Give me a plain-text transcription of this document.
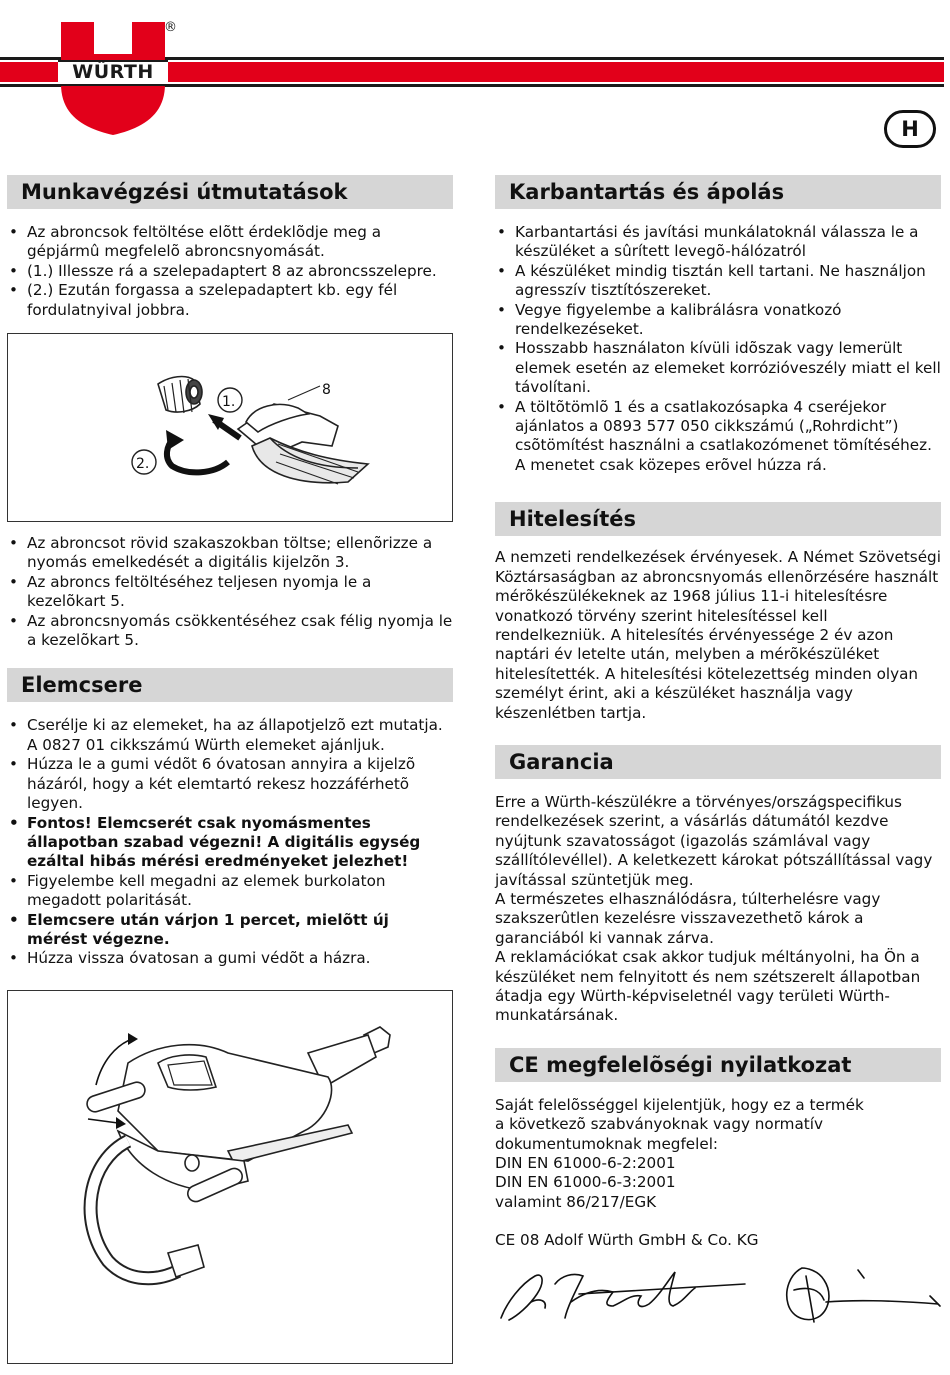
WÜRTH
®
H
Munkavégzési útmutatások
• Az abroncsok feltöltése elõtt érdeklõdje meg a gépjármû megfelelõ abroncsnyomását.
• (1.) Illessze rá a szelepadaptert 8 az abroncsszelepre.
• (2.) Ezután forgassa a szelepadaptert kb. egy fél fordulatnyival jobbra.
8
1.
2.
• Az abroncsot rövid szakaszokban töltse; ellenõrizze a nyomás emelkedését a digitális kijelzõn 3.
• Az abroncs feltöltéséhez teljesen nyomja le a kezelõkart 5.
• Az abroncsnyomás csökkentéséhez csak félig nyomja le a kezelõkart 5.
Elemcsere
• Cserélje ki az elemeket, ha az állapotjelzõ ezt mutatja. A 0827 01 cikkszámú Würth elemeket ajánljuk.
• Húzza le a gumi védõt 6 óvatosan annyira a kijelzõ házáról, hogy a két elemtartó rekesz hozzáférhetõ legyen.
• Fontos! Elemcserét csak nyomásmentes állapotban szabad végezni! A digitális egység ezáltal hibás mérési eredményeket jelezhet!
• Figyelembe kell megadni az elemek burkolaton megadott polaritását.
• Elemcsere után várjon 1 percet, mielõtt új mérést végezne.
• Húzza vissza óvatosan a gumi védõt a házra.
Karbantartás és ápolás
• Karbantartási és javítási munkálatoknál válassza le a készüléket a sûrített levegõ-hálózatról
• A készüléket mindig tisztán kell tartani. Ne használjon agresszív tisztítószereket.
• Vegye figyelembe a kalibrálásra vonatkozó rendelkezéseket.
• Hosszabb használaton kívüli idõszak vagy lemerült elemek esetén az elemeket korrózióveszély miatt el kell távolítani.
• A töltõtömlõ 1 és a csatlakozósapka 4 cseréjekor ajánlatos a 0893 577 050 cikkszámú („Rohrdicht”) csõtömítést használni a csatlakozómenet tömítéséhez. A menetet csak közepes erõvel húzza rá.
Hitelesítés

A nemzeti rendelkezések érvényesek. A Német Szövetségi Köztársaságban az abroncsnyomás ellenõrzésére használt mérõkészülékeknek az 1968 július 11-i hitelesítésre vonatkozó törvény szerint hitelesítéssel kell rendelkezniük. A hitelesítés érvényessége 2 év azon naptári év letelte után, melyben a mérõkészüléket hitelesítették. A hitelesítési kötelezettség minden olyan személyt érint, aki a készüléket használja vagy készenlétben tartja.

Garancia

Erre a Würth-készülékre a törvényes/országspecifikus rendelkezések szerint, a vásárlás dátumától kezdve nyújtunk szavatosságot (igazolás számlával vagy szállítólevéllel). A keletkezett károkat pótszállítással vagy javítással szüntetjük meg.

A természetes elhasználódásra, túlterhelésre vagy szakszerûtlen kezelésre visszavezethetõ károk a garanciából ki vannak zárva.

A reklamációkat csak akkor tudjuk méltányolni, ha Ön a készüléket nem felnyitott és nem szétszerelt állapotban átadja egy Würth-képviseletnél vagy területi Würth-munkatársának.

CE megfelelõségi nyilatkozat

Saját felelõsséggel kijelentjük, hogy ez a termék

a következõ szabványoknak vagy normatív

dokumentumoknak megfelel:

DIN EN 61000-6-2:2001

DIN EN 61000-6-3:2001

valamint 86/217/EGK

CE 08 Adolf Würth GmbH & Co. KG
